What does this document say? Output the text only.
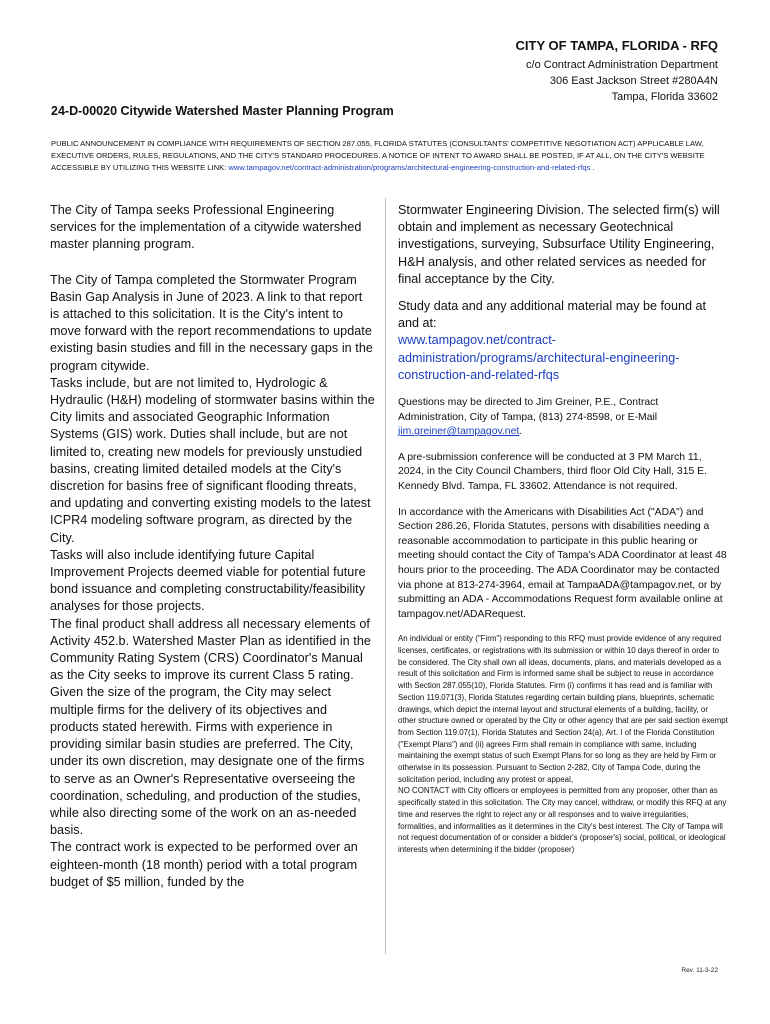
CITY OF TAMPA, FLORIDA - RFQ
c/o Contract Administration Department
306 East Jackson Street #280A4N
Tampa, Florida 33602
24-D-00020 Citywide Watershed Master Planning Program
PUBLIC ANNOUNCEMENT IN COMPLIANCE WITH REQUIREMENTS OF SECTION 287.055, FLORIDA STATUTES (CONSULTANTS' COMPETITIVE NEGOTIATION ACT) APPLICABLE LAW, EXECUTIVE ORDERS, RULES, REGULATIONS, AND THE CITY'S STANDARD PROCEDURES. A NOTICE OF INTENT TO AWARD SHALL BE POSTED, IF AT ALL, ON THE CITY'S WEBSITE ACCESSIBLE BY UTILIZING THIS WEBSITE LINK: www.tampagov.net/contract-administration/programs/architectural-engineering-construction-and-related-rfqs .

The City of Tampa seeks Professional Engineering services for the implementation of a citywide watershed master planning program.

The City of Tampa completed the Stormwater Program Basin Gap Analysis in June of 2023. A link to that report is attached to this solicitation. It is the City's intent to move forward with the report recommendations to update existing basin studies and fill in the necessary gaps in the program citywide.

Tasks include, but are not limited to, Hydrologic & Hydraulic (H&H) modeling of stormwater basins within the City limits and associated Geographic Information Systems (GIS) work. Duties shall include, but are not limited to, creating new models for previously unstudied basins, creating limited detailed models at the City's discretion for basins free of significant flooding threats, and updating and converting existing models to the latest ICPR4 modeling software program, as directed by the City.

Tasks will also include identifying future Capital Improvement Projects deemed viable for potential future bond issuance and completing constructability/feasibility analyses for those projects.

The final product shall address all necessary elements of Activity 452.b. Watershed Master Plan as identified in the Community Rating System (CRS) Coordinator's Manual as the City seeks to improve its current Class 5 rating.

Given the size of the program, the City may select multiple firms for the delivery of its objectives and products stated herewith. Firms with experience in providing similar basin studies are preferred. The City, under its own discretion, may designate one of the firms to serve as an Owner's Representative overseeing the coordination, scheduling, and production of the studies, while also directing some of the work on an as-needed basis.

The contract work is expected to be performed over an eighteen-month (18 month) period with a total program budget of $5 million, funded by the

Stormwater Engineering Division. The selected firm(s) will obtain and implement as necessary Geotechnical investigations, surveying, Subsurface Utility Engineering, H&H analysis, and other related services as needed for final acceptance by the City.

Study data and any additional material may be found at and at:
www.tampagov.net/contract-administration/programs/architectural-engineering-construction-and-related-rfqs

Questions may be directed to Jim Greiner, P.E., Contract Administration, City of Tampa, (813) 274-8598, or E-Mail jim.greiner@tampagov.net.

A pre-submission conference will be conducted at 3 PM March 11, 2024, in the City Council Chambers, third floor Old City Hall, 315 E. Kennedy Blvd. Tampa, FL 33602. Attendance is not required.

In accordance with the Americans with Disabilities Act ("ADA") and Section 286.26, Florida Statutes, persons with disabilities needing a reasonable accommodation to participate in this public hearing or meeting should contact the City of Tampa's ADA Coordinator at least 48 hours prior to the proceeding. The ADA Coordinator may be contacted via phone at 813-274-3964, email at TampaADA@tampagov.net, or by submitting an ADA - Accommodations Request form available online at tampagov.net/ADARequest.

An individual or entity ("Firm") responding to this RFQ must provide evidence of any required licenses, certificates, or registrations with its submission or within 10 days thereof in order to be considered. The City shall own all ideas, documents, plans, and materials developed as a result of this solicitation and Firm is informed same shall be subject to reuse in accordance with Section 287.055(10), Florida Statutes. Firm (i) confirms it has read and is familiar with Section 119.071(3), Florida Statutes regarding certain building plans, blueprints, schematic drawings, which depict the internal layout and structural elements of a building, facility, or other structure owned or operated by the City or other agency that are per said section exempt from Section 119.07(1), Florida Statutes and Section 24(a), Art. I of the Florida Constitution ("Exempt Plans") and (ii) agrees Firm shall remain in compliance with same, including maintaining the exempt status of such Exempt Plans for so long as they are held by Firm or otherwise in its possession. Pursuant to Section 2-282, City of Tampa Code, during the solicitation period, including any protest or appeal,

NO CONTACT with City officers or employees is permitted from any proposer, other than as specifically stated in this solicitation. The City may cancel, withdraw, or modify this RFQ at any time and reserves the right to reject any or all responses and to waive irregularities, formalities, and informalities as it determines in the City's best interest. The City of Tampa will not request documentation of or consider a bidder's (proposer's) social, political, or ideological interests when determining if the bidder (proposer)

Rev. 11-3-22
